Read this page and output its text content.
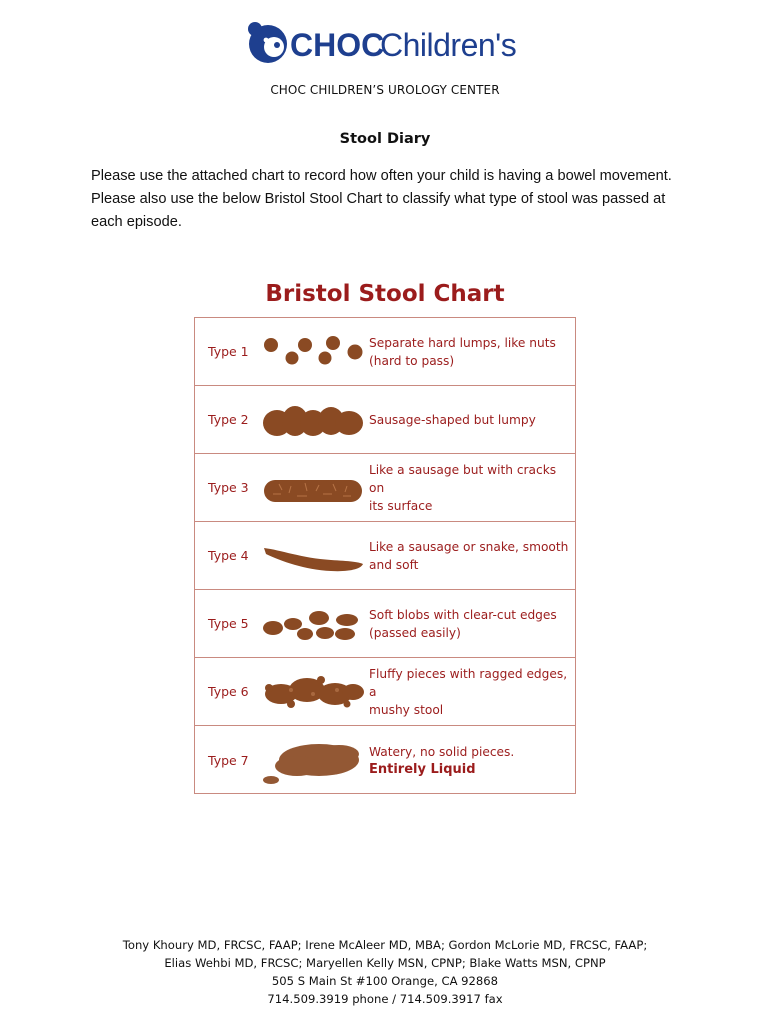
CHOC
Children's
CHOC CHILDREN’S UROLOGY CENTER
Stool Diary

Please use the attached chart to record how often your child is having a bowel movement. Please also use the below Bristol Stool Chart to classify what type of stool was passed at each episode.

Bristol Stool Chart
Type 1
Separate hard lumps, like nuts
(hard to pass)
Type 2	Sausage-shaped but lumpy
Type 3
Like a sausage but with cracks on
its surface
Type 4
Like a sausage or snake, smooth
and soft
Type 5
Soft blobs with clear-cut edges
(passed easily)
Type 6
Fluffy pieces with ragged edges, a
mushy stool
Type 7
Watery, no solid pieces.
Entirely Liquid
Tony Khoury MD, FRCSC, FAAP; Irene McAleer MD, MBA; Gordon McLorie MD, FRCSC, FAAP;
Elias Wehbi MD, FRCSC; Maryellen Kelly MSN, CPNP; Blake Watts MSN, CPNP
505 S Main St #100 Orange, CA 92868
714.509.3919 phone / 714.509.3917 fax
